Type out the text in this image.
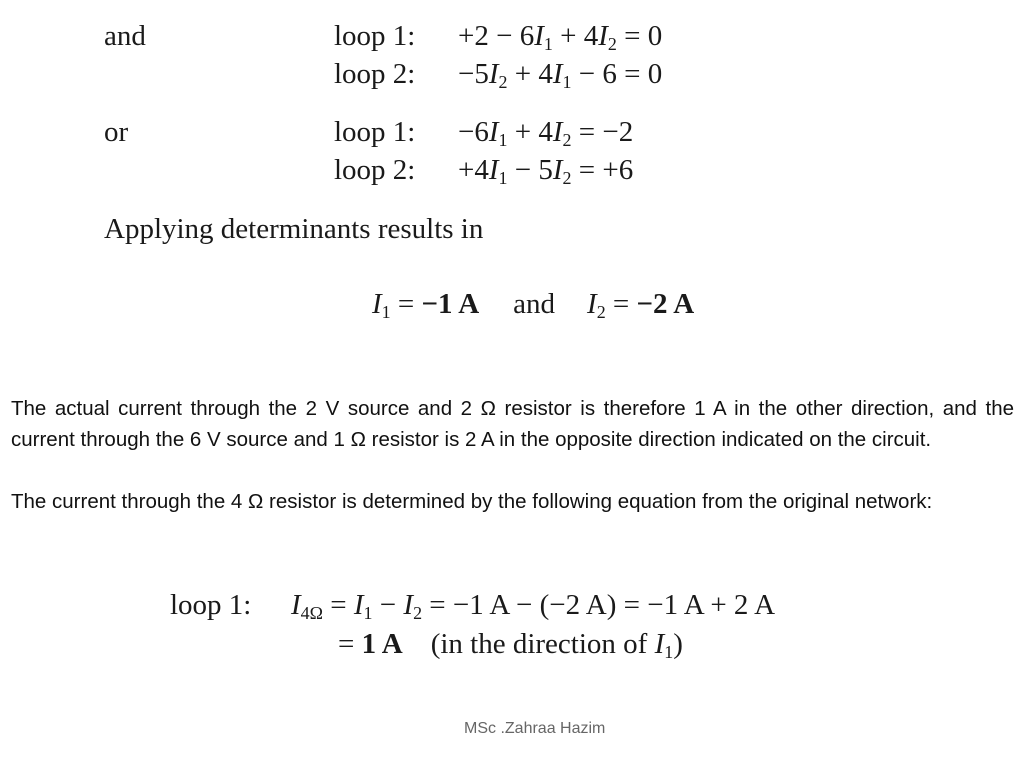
and	loop 1: $+2 - 6I_1 + 4I_2 = 0$
loop 2: $-5I_2 + 4I_1 - 6 = 0$
or	loop 1: $-6I_1 + 4I_2 = -2$
loop 2: $+4I_1 - 5I_2 = +6$
Applying determinants results in
$I_1 = -1$ A and $I_2 = -2$ A
The actual current through the 2 V source and 2 Ω resistor is therefore 1 A in the other direction, and the current through the 6 V source and 1 Ω resistor is 2 A in the opposite direction indicated on the circuit.
The current through the 4 Ω resistor is determined by the following equation from the original network:
loop 1: $I_{4\Omega} = I_1 - I_2 = -1$ A − (−2 A) = −1 A + 2 A
= 1 A (in the direction of $I_1$)
MSc .Zahraa Hazim
